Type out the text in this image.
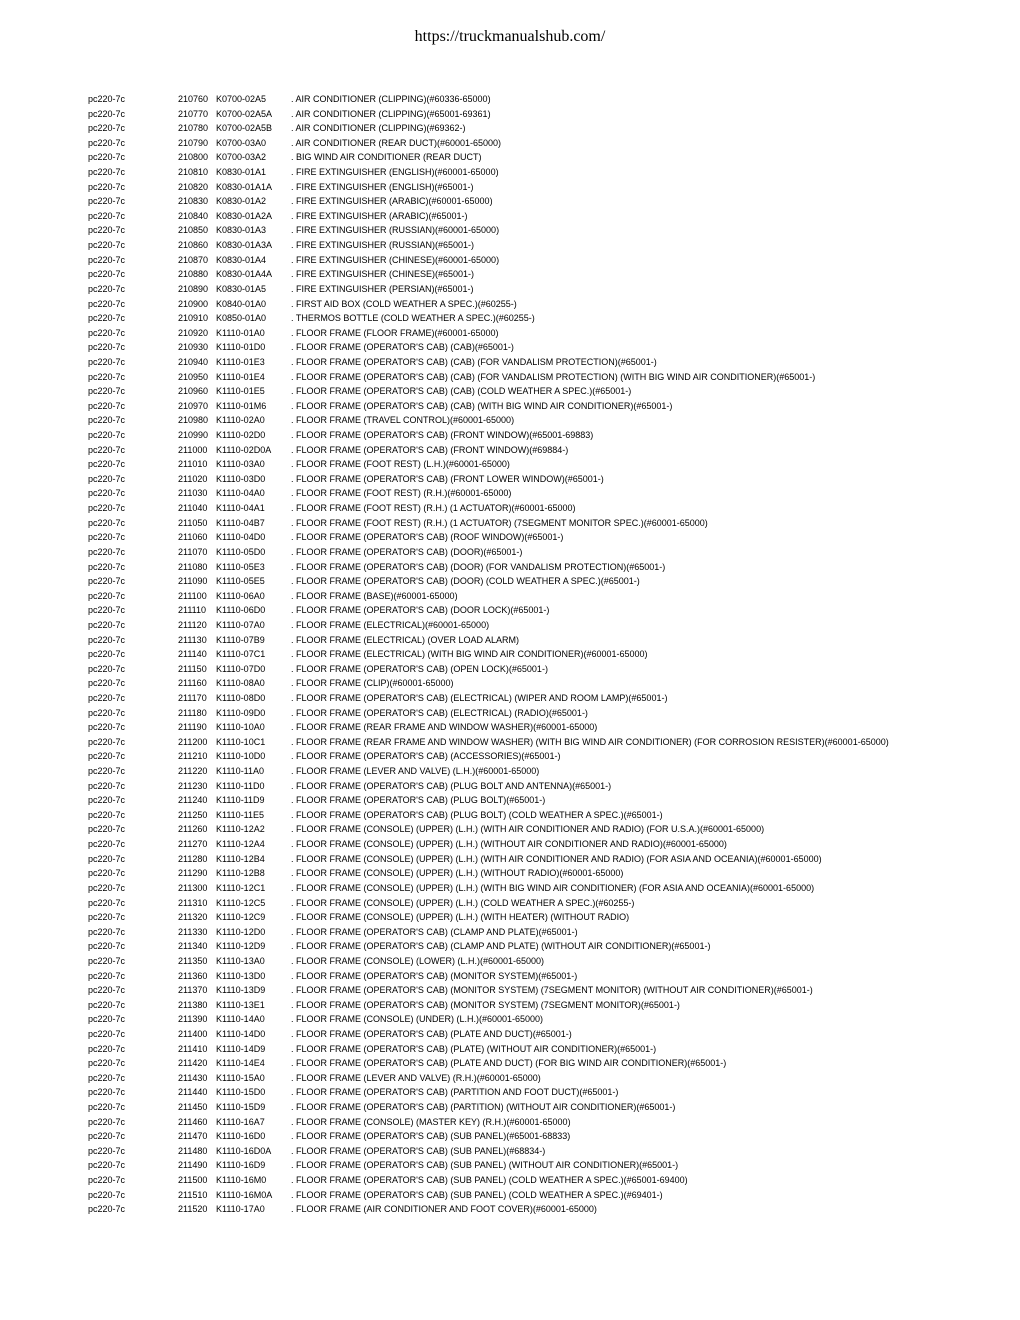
https://truckmanualshub.com/
pc220-7c	210760 K0700-02A5	. AIR CONDITIONER (CLIPPING)(#60336-65000)
pc220-7c	210770 K0700-02A5A	. AIR CONDITIONER (CLIPPING)(#65001-69361)
pc220-7c	210780 K0700-02A5B	. AIR CONDITIONER (CLIPPING)(#69362-)
pc220-7c	210790 K0700-03A0	. AIR CONDITIONER (REAR DUCT)(#60001-65000)
pc220-7c	210800 K0700-03A2	. BIG WIND AIR CONDITIONER (REAR DUCT)
pc220-7c	210810 K0830-01A1	. FIRE EXTINGUISHER (ENGLISH)(#60001-65000)
pc220-7c	210820 K0830-01A1A	. FIRE EXTINGUISHER (ENGLISH)(#65001-)
pc220-7c	210830 K0830-01A2	. FIRE EXTINGUISHER (ARABIC)(#60001-65000)
pc220-7c	210840 K0830-01A2A	. FIRE EXTINGUISHER (ARABIC)(#65001-)
pc220-7c	210850 K0830-01A3	. FIRE EXTINGUISHER (RUSSIAN)(#60001-65000)
pc220-7c	210860 K0830-01A3A	. FIRE EXTINGUISHER (RUSSIAN)(#65001-)
pc220-7c	210870 K0830-01A4	. FIRE EXTINGUISHER (CHINESE)(#60001-65000)
pc220-7c	210880 K0830-01A4A	. FIRE EXTINGUISHER (CHINESE)(#65001-)
pc220-7c	210890 K0830-01A5	. FIRE EXTINGUISHER (PERSIAN)(#65001-)
pc220-7c	210900 K0840-01A0	. FIRST AID BOX (COLD WEATHER A SPEC.)(#60255-)
pc220-7c	210910 K0850-01A0	. THERMOS BOTTLE (COLD WEATHER A SPEC.)(#60255-)
pc220-7c	210920 K1110-01A0	. FLOOR FRAME (FLOOR FRAME)(#60001-65000)
pc220-7c	210930 K1110-01D0	. FLOOR FRAME (OPERATOR'S CAB) (CAB)(#65001-)
pc220-7c	210940 K1110-01E3	. FLOOR FRAME (OPERATOR'S CAB) (CAB) (FOR VANDALISM PROTECTION)(#65001-)
pc220-7c	210950 K1110-01E4	. FLOOR FRAME (OPERATOR'S CAB) (CAB) (FOR VANDALISM PROTECTION) (WITH BIG WIND AIR CONDITIONER)(#65001-)
pc220-7c	210960 K1110-01E5	. FLOOR FRAME (OPERATOR'S CAB) (CAB) (COLD WEATHER A SPEC.)(#65001-)
pc220-7c	210970 K1110-01M6	. FLOOR FRAME (OPERATOR'S CAB) (CAB) (WITH BIG WIND AIR CONDITIONER)(#65001-)
pc220-7c	210980 K1110-02A0	. FLOOR FRAME (TRAVEL CONTROL)(#60001-65000)
pc220-7c	210990 K1110-02D0	. FLOOR FRAME (OPERATOR'S CAB) (FRONT WINDOW)(#65001-69883)
pc220-7c	211000 K1110-02D0A	. FLOOR FRAME (OPERATOR'S CAB) (FRONT WINDOW)(#69884-)
pc220-7c	211010 K1110-03A0	. FLOOR FRAME (FOOT REST) (L.H.)(#60001-65000)
pc220-7c	211020 K1110-03D0	. FLOOR FRAME (OPERATOR'S CAB) (FRONT LOWER WINDOW)(#65001-)
pc220-7c	211030 K1110-04A0	. FLOOR FRAME (FOOT REST) (R.H.)(#60001-65000)
pc220-7c	211040 K1110-04A1	. FLOOR FRAME (FOOT REST) (R.H.) (1 ACTUATOR)(#60001-65000)
pc220-7c	211050 K1110-04B7	. FLOOR FRAME (FOOT REST) (R.H.) (1 ACTUATOR) (7SEGMENT MONITOR SPEC.)(#60001-65000)
pc220-7c	211060 K1110-04D0	. FLOOR FRAME (OPERATOR'S CAB) (ROOF WINDOW)(#65001-)
pc220-7c	211070 K1110-05D0	. FLOOR FRAME (OPERATOR'S CAB) (DOOR)(#65001-)
pc220-7c	211080 K1110-05E3	. FLOOR FRAME (OPERATOR'S CAB) (DOOR) (FOR VANDALISM PROTECTION)(#65001-)
pc220-7c	211090 K1110-05E5	. FLOOR FRAME (OPERATOR'S CAB) (DOOR) (COLD WEATHER A SPEC.)(#65001-)
pc220-7c	211100	K1110-06A0	. FLOOR FRAME (BASE)(#60001-65000)
pc220-7c	211110	K1110-06D0	. FLOOR FRAME (OPERATOR'S CAB) (DOOR LOCK)(#65001-)
pc220-7c	211120	K1110-07A0	. FLOOR FRAME (ELECTRICAL)(#60001-65000)
pc220-7c	211130	K1110-07B9	. FLOOR FRAME (ELECTRICAL) (OVER LOAD ALARM)
pc220-7c	211140	K1110-07C1	. FLOOR FRAME (ELECTRICAL) (WITH BIG WIND AIR CONDITIONER)(#60001-65000)
pc220-7c	211150	K1110-07D0	. FLOOR FRAME (OPERATOR'S CAB) (OPEN LOCK)(#65001-)
pc220-7c	211160	K1110-08A0	. FLOOR FRAME (CLIP)(#60001-65000)
pc220-7c	211170	K1110-08D0	. FLOOR FRAME (OPERATOR'S CAB) (ELECTRICAL) (WIPER AND ROOM LAMP)(#65001-)
pc220-7c	211180	K1110-09D0	. FLOOR FRAME (OPERATOR'S CAB) (ELECTRICAL) (RADIO)(#65001-)
pc220-7c	211190	K1110-10A0	. FLOOR FRAME (REAR FRAME AND WINDOW WASHER)(#60001-65000)
pc220-7c	211200 K1110-10C1	. FLOOR FRAME (REAR FRAME AND WINDOW WASHER) (WITH BIG WIND AIR CONDITIONER) (FOR CORROSION RESISTER)(#60001-65000)
pc220-7c	211210 K1110-10D0	. FLOOR FRAME (OPERATOR'S CAB) (ACCESSORIES)(#65001-)
pc220-7c	211220 K1110-11A0	. FLOOR FRAME (LEVER AND VALVE) (L.H.)(#60001-65000)
pc220-7c	211230 K1110-11D0	. FLOOR FRAME (OPERATOR'S CAB) (PLUG BOLT AND ANTENNA)(#65001-)
pc220-7c	211240 K1110-11D9	. FLOOR FRAME (OPERATOR'S CAB) (PLUG BOLT)(#65001-)
pc220-7c	211250 K1110-11E5	. FLOOR FRAME (OPERATOR'S CAB) (PLUG BOLT) (COLD WEATHER A SPEC.)(#65001-)
pc220-7c	211260 K1110-12A2	. FLOOR FRAME (CONSOLE) (UPPER) (L.H.) (WITH AIR CONDITIONER AND RADIO) (FOR U.S.A.)(#60001-65000)
pc220-7c	211270 K1110-12A4	. FLOOR FRAME (CONSOLE) (UPPER) (L.H.) (WITHOUT AIR CONDITIONER AND RADIO)(#60001-65000)
pc220-7c	211280 K1110-12B4	. FLOOR FRAME (CONSOLE) (UPPER) (L.H.) (WITH AIR CONDITIONER AND RADIO) (FOR ASIA AND OCEANIA)(#60001-65000)
pc220-7c	211290 K1110-12B8	. FLOOR FRAME (CONSOLE) (UPPER) (L.H.) (WITHOUT RADIO)(#60001-65000)
pc220-7c	211300 K1110-12C1	. FLOOR FRAME (CONSOLE) (UPPER) (L.H.) (WITH BIG WIND AIR CONDITIONER) (FOR ASIA AND OCEANIA)(#60001-65000)
pc220-7c	211310 K1110-12C5	. FLOOR FRAME (CONSOLE) (UPPER) (L.H.) (COLD WEATHER A SPEC.)(#60255-)
pc220-7c	211320 K1110-12C9	. FLOOR FRAME (CONSOLE) (UPPER) (L.H.) (WITH HEATER) (WITHOUT RADIO)
pc220-7c	211330 K1110-12D0	. FLOOR FRAME (OPERATOR'S CAB) (CLAMP AND PLATE)(#65001-)
pc220-7c	211340 K1110-12D9	. FLOOR FRAME (OPERATOR'S CAB) (CLAMP AND PLATE) (WITHOUT AIR CONDITIONER)(#65001-)
pc220-7c	211350 K1110-13A0	. FLOOR FRAME (CONSOLE) (LOWER) (L.H.)(#60001-65000)
pc220-7c	211360 K1110-13D0	. FLOOR FRAME (OPERATOR'S CAB) (MONITOR SYSTEM)(#65001-)
pc220-7c	211370 K1110-13D9	. FLOOR FRAME (OPERATOR'S CAB) (MONITOR SYSTEM) (7SEGMENT MONITOR) (WITHOUT AIR CONDITIONER)(#65001-)
pc220-7c	211380 K1110-13E1	. FLOOR FRAME (OPERATOR'S CAB) (MONITOR SYSTEM) (7SEGMENT MONITOR)(#65001-)
pc220-7c	211390 K1110-14A0	. FLOOR FRAME (CONSOLE) (UNDER) (L.H.)(#60001-65000)
pc220-7c	211400 K1110-14D0	. FLOOR FRAME (OPERATOR'S CAB) (PLATE AND DUCT)(#65001-)
pc220-7c	211410 K1110-14D9	. FLOOR FRAME (OPERATOR'S CAB) (PLATE) (WITHOUT AIR CONDITIONER)(#65001-)
pc220-7c	211420 K1110-14E4	. FLOOR FRAME (OPERATOR'S CAB) (PLATE AND DUCT) (FOR BIG WIND AIR CONDITIONER)(#65001-)
pc220-7c	211430 K1110-15A0	. FLOOR FRAME (LEVER AND VALVE) (R.H.)(#60001-65000)
pc220-7c	211440 K1110-15D0	. FLOOR FRAME (OPERATOR'S CAB) (PARTITION AND FOOT DUCT)(#65001-)
pc220-7c	211450 K1110-15D9	. FLOOR FRAME (OPERATOR'S CAB) (PARTITION) (WITHOUT AIR CONDITIONER)(#65001-)
pc220-7c	211460 K1110-16A7	. FLOOR FRAME (CONSOLE) (MASTER KEY) (R.H.)(#60001-65000)
pc220-7c	211470 K1110-16D0	. FLOOR FRAME (OPERATOR'S CAB) (SUB PANEL)(#65001-68833)
pc220-7c	211480 K1110-16D0A	. FLOOR FRAME (OPERATOR'S CAB) (SUB PANEL)(#68834-)
pc220-7c	211490 K1110-16D9	. FLOOR FRAME (OPERATOR'S CAB) (SUB PANEL) (WITHOUT AIR CONDITIONER)(#65001-)
pc220-7c	211500 K1110-16M0	. FLOOR FRAME (OPERATOR'S CAB) (SUB PANEL) (COLD WEATHER A SPEC.)(#65001-69400)
pc220-7c	211510 K1110-16M0A	. FLOOR FRAME (OPERATOR'S CAB) (SUB PANEL) (COLD WEATHER A SPEC.)(#69401-)
pc220-7c	211520 K1110-17A0	. FLOOR FRAME (AIR CONDITIONER AND FOOT COVER)(#60001-65000)
